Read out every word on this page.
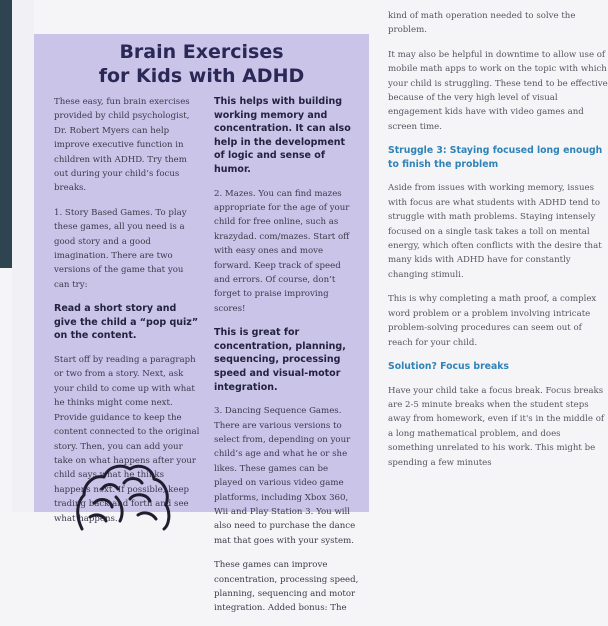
Brain Exercises
for Kids with ADHD

These easy, fun brain exercises provided by child psychologist, Dr. Robert Myers can help improve executive function in children with ADHD. Try them out during your child’s focus breaks.

1. Story Based Games. To play these games, all you need is a good story and a good imagination. There are two versions of the game that you can try:

Read a short story and give the child a “pop quiz” on the content.

Start off by reading a paragraph or two from a story. Next, ask your child to come up with what he thinks might come next. Provide guidance to keep the content connected to the original story. Then, you can add your take on what happens after your child says what he thinks happens next. If possible, keep trading back and forth and see what happens.

This helps with building working memory and concentration. It can also help in the development of logic and sense of humor.

2. Mazes. You can find mazes appropriate for the age of your child for free online, such as krazydad. com/mazes. Start off with easy ones and move forward. Keep track of speed and errors. Of course, don’t forget to praise improving scores!

This is great for concentration, planning, sequencing, processing speed and visual-motor integration.

3. Dancing Sequence Games. There are various versions to select from, depending on your child’s age and what he or she likes. These games can be played on various video game platforms, including Xbox 360, Wii and Play Station 3. You will also need to purchase the dance mat that goes with your system.

These games can improve concentration, processing speed, planning, sequencing and motor integration. Added bonus: The

kind of math operation needed to solve the problem.

It may also be helpful in downtime to allow use of mobile math apps to work on the topic with which your child is struggling. These tend to be effective because of the very high level of visual engagement kids have with video games and screen time.

Struggle 3: Staying focused long enough to finish the problem

Aside from issues with working memory, issues with focus are what students with ADHD tend to struggle with math problems. Staying intensely focused on a single task takes a toll on mental energy, which often conflicts with the desire that many kids with ADHD have for constantly changing stimuli.

This is why completing a math proof, a complex word problem or a problem involving intricate problem-solving procedures can seem out of reach for your child.

Solution? Focus breaks

Have your child take a focus break. Focus breaks are 2-5 minute breaks when the student steps away from homework, even if it's in the middle of a long mathematical problem, and does something unrelated to his work. This might be spending a few minutes
